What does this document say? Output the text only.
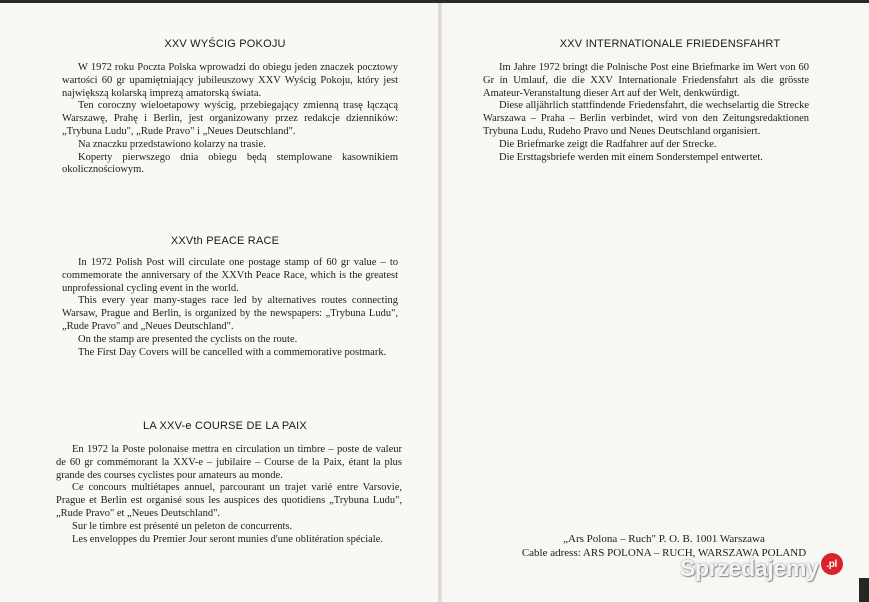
XXV WYŚCIG POKOJU

W 1972 roku Poczta Polska wprowadzi do obiegu jeden znaczek pocztowy wartości 60 gr upamiętniający jubileuszowy XXV Wyścig Pokoju, który jest największą kolarską imprezą amatorską świata.

Ten coroczny wieloetapowy wyścig, przebiegający zmienną trasę łączącą Warszawę, Prahę i Berlin, jest organizowany przez redakcje dzienników: „Trybuna Ludu", „Rude Pravo" i „Neues Deutschland".

Na znaczku przedstawiono kolarzy na trasie.

Koperty pierwszego dnia obiegu będą stemplowane kasownikiem okolicznościowym.

XXVth PEACE RACE

In 1972 Polish Post will circulate one postage stamp of 60 gr value – to commemorate the anniversary of the XXVth Peace Race, which is the greatest unprofessional cycling event in the world.

This every year many-stages race led by alternatives routes connecting Warsaw, Prague and Berlin, is organized by the newspapers: „Trybuna Ludu", „Rude Pravo" and „Neues Deutschland".

On the stamp are presented the cyclists on the route.

The First Day Covers will be cancelled with a commemorative postmark.

LA XXV-e COURSE DE LA PAIX

En 1972 la Poste polonaise mettra en circulation un timbre – poste de valeur de 60 gr commémorant la XXV-e – jubilaire – Course de la Paix, étant la plus grande des courses cyclistes pour amateurs au monde.

Ce concours multiétapes annuel, parcourant un trajet varié entre Varsovie, Prague et Berlin est organisé sous les auspices des quotidiens „Trybuna Ludu", „Rude Pravo" et „Neues Deutschland".

Sur le timbre est présenté un peleton de concurrents.

Les enveloppes du Premier Jour seront munies d'une oblitération spéciale.

XXV INTERNATIONALE FRIEDENSFAHRT

Im Jahre 1972 bringt die Polnische Post eine Briefmarke im Wert von 60 Gr in Umlauf, die die XXV Internationale Friedensfahrt als die grösste Amateur-Veranstaltung dieser Art auf der Welt, denkwürdigt.

Diese alljährlich stattfindende Friedensfahrt, die wechselartig die Strecke Warszawa – Praha – Berlin verbindet, wird von den Zeitungsredaktionen Trybuna Ludu, Rudeho Pravo und Neues Deutschland organisiert.

Die Briefmarke zeigt die Radfahrer auf der Strecke.

Die Ersttagsbriefe werden mit einem Sonderstempel entwertet.

„Ars Polona – Ruch" P. O. B. 1001 Warszawa
Cable adress: ARS POLONA – RUCH, WARSZAWA POLAND
Sprzedajemy .pl
